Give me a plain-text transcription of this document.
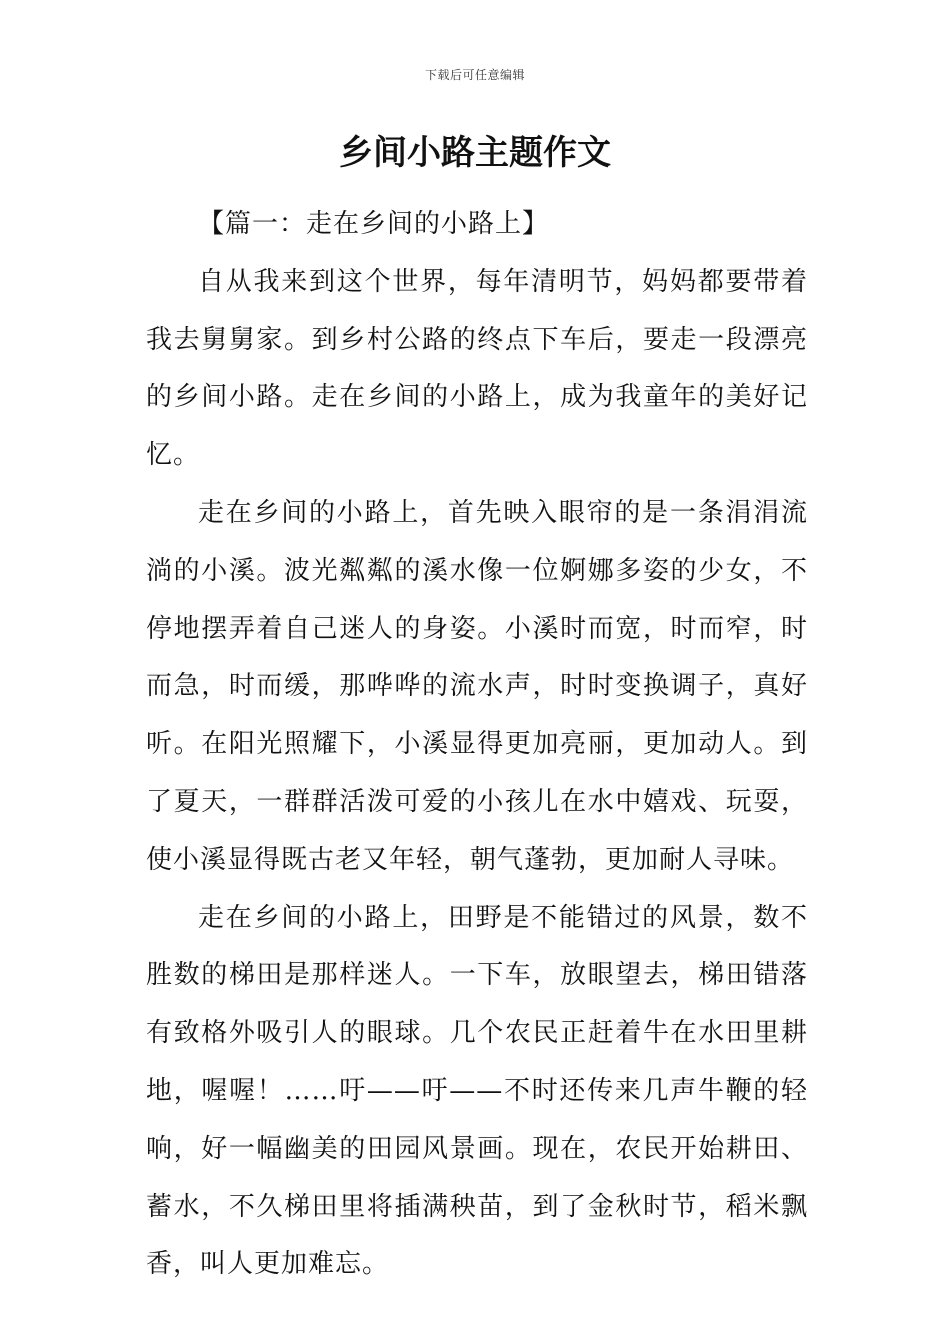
下载后可任意编辑
乡间小路主题作文

【篇一：走在乡间的小路上】

自从我来到这个世界，每年清明节，妈妈都要带着我去舅舅家。到乡村公路的终点下车后，要走一段漂亮的乡间小路。走在乡间的小路上，成为我童年的美好记忆。

走在乡间的小路上，首先映入眼帘的是一条涓涓流淌的小溪。波光粼粼的溪水像一位婀娜多姿的少女，不停地摆弄着自己迷人的身姿。小溪时而宽，时而窄，时而急，时而缓，那哗哗的流水声，时时变换调子，真好听。在阳光照耀下，小溪显得更加亮丽，更加动人。到了夏天，一群群活泼可爱的小孩儿在水中嬉戏、玩耍，使小溪显得既古老又年轻，朝气蓬勃，更加耐人寻味。

走在乡间的小路上，田野是不能错过的风景，数不胜数的梯田是那样迷人。一下车，放眼望去，梯田错落有致格外吸引人的眼球。几个农民正赶着牛在水田里耕地，喔喔！……吁——吁——不时还传来几声牛鞭的轻响，好一幅幽美的田园风景画。现在，农民开始耕田、蓄水，不久梯田里将插满秧苗，到了金秋时节，稻米飘香，叫人更加难忘。
